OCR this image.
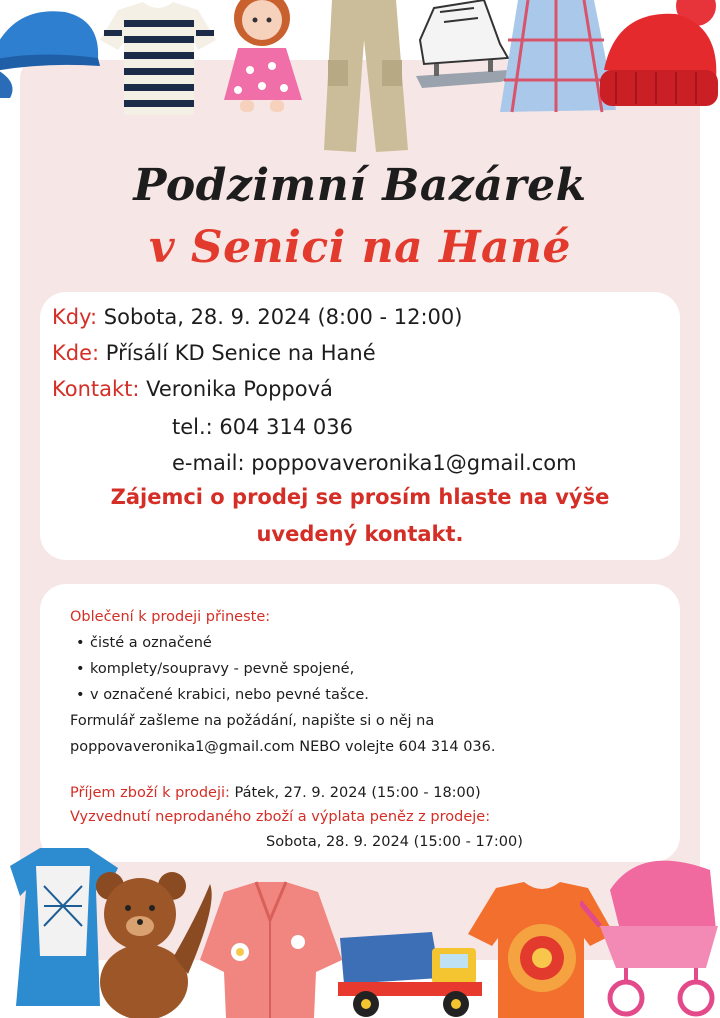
Podzimní Bazárek
v Senici na Hané
Kdy: Sobota, 28. 9. 2024 (8:00 - 12:00)
Kde: Přísálí KD Senice na Hané
Kontakt: Veronika Poppová
tel.: 604 314 036
e-mail: poppovaveronika1@gmail.com
Zájemci o prodej se prosím hlaste na výše
uvedený kontakt.
Oblečení k prodeji přineste:
• čisté a označené
• komplety/soupravy - pevně spojené,
• v označené krabici, nebo pevné tašce.
Formulář zašleme na požádání, napište si o něj na
poppovaveronika1@gmail.com NEBO volejte 604 314 036.
Příjem zboží k prodeji: Pátek, 27. 9. 2024 (15:00 - 18:00)
Vyzvednutí neprodaného zboží a výplata peněz z prodeje:
Sobota, 28. 9. 2024 (15:00 - 17:00)
